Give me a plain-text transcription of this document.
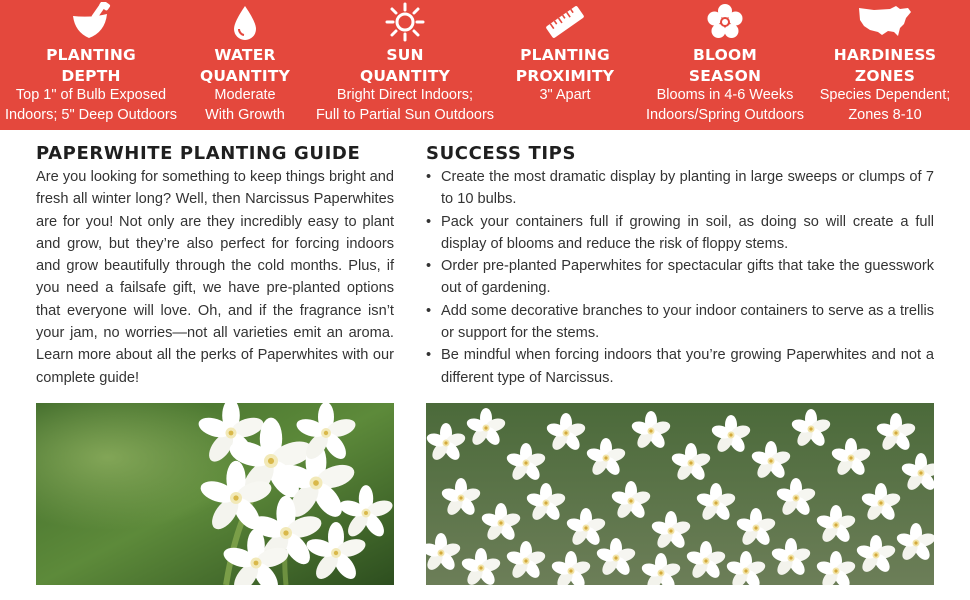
PLANTING
DEPTH
Top 1" of Bulb Exposed
Indoors; 5" Deep Outdoors
WATER
QUANTITY
Moderate
With Growth
SUN
QUANTITY
Bright Direct Indoors;
Full to Partial Sun Outdoors
PLANTING
PROXIMITY
3" Apart
BLOOM
SEASON
Blooms in 4-6 Weeks
Indoors/Spring Outdoors
HARDINESS
ZONES
Species Dependent;
Zones 8-10
PAPERWHITE PLANTING GUIDE

Are you looking for something to keep things bright and fresh all winter long? Well, then Narcissus Paperwhites are for you! Not only are they incredibly easy to plant and grow, but they’re also perfect for forcing indoors and grow beautifully through the cold months. Plus, if you need a failsafe gift, we have pre-planted options that everyone will love. Oh, and if the fragrance isn’t your jam, no worries—not all varieties emit an aroma. Learn more about all the perks of Paperwhites with our complete guide!

SUCCESS TIPS
• Create the most dramatic display by planting in large sweeps or clumps of 7 to 10 bulbs.
• Pack your containers full if growing in soil, as doing so will create a full display of blooms and reduce the risk of floppy stems.
• Order pre-planted Paperwhites for spectacular gifts that take the guesswork out of gardening.
• Add some decorative branches to your indoor containers to serve as a trellis or support for the stems.
• Be mindful when forcing indoors that you’re growing Paperwhites and not a different type of Narcissus.
